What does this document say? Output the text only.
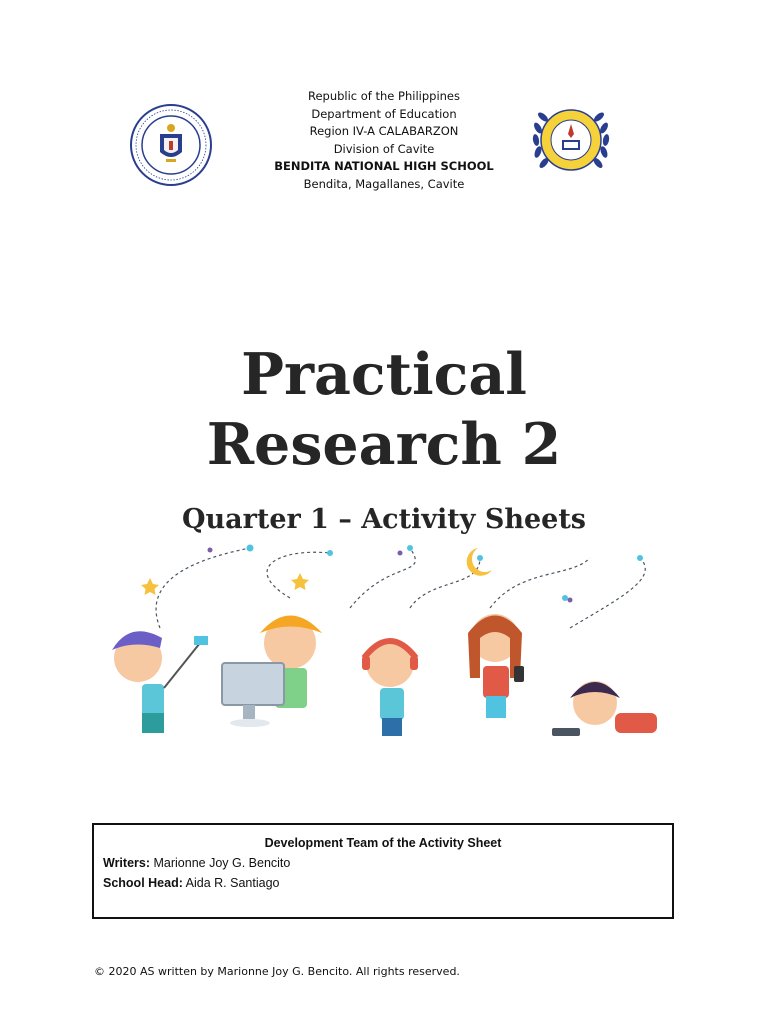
Republic of the Philippines
Department of Education
Region IV-A CALABARZON
Division of Cavite
BENDITA NATIONAL HIGH SCHOOL
Bendita, Magallanes, Cavite
Practical
Research 2
Quarter 1 – Activity Sheets
Development Team of the Activity Sheet
Writers: Marionne Joy G. Bencito
School Head: Aida R. Santiago
© 2020 AS written by Marionne Joy G. Bencito. All rights reserved.
